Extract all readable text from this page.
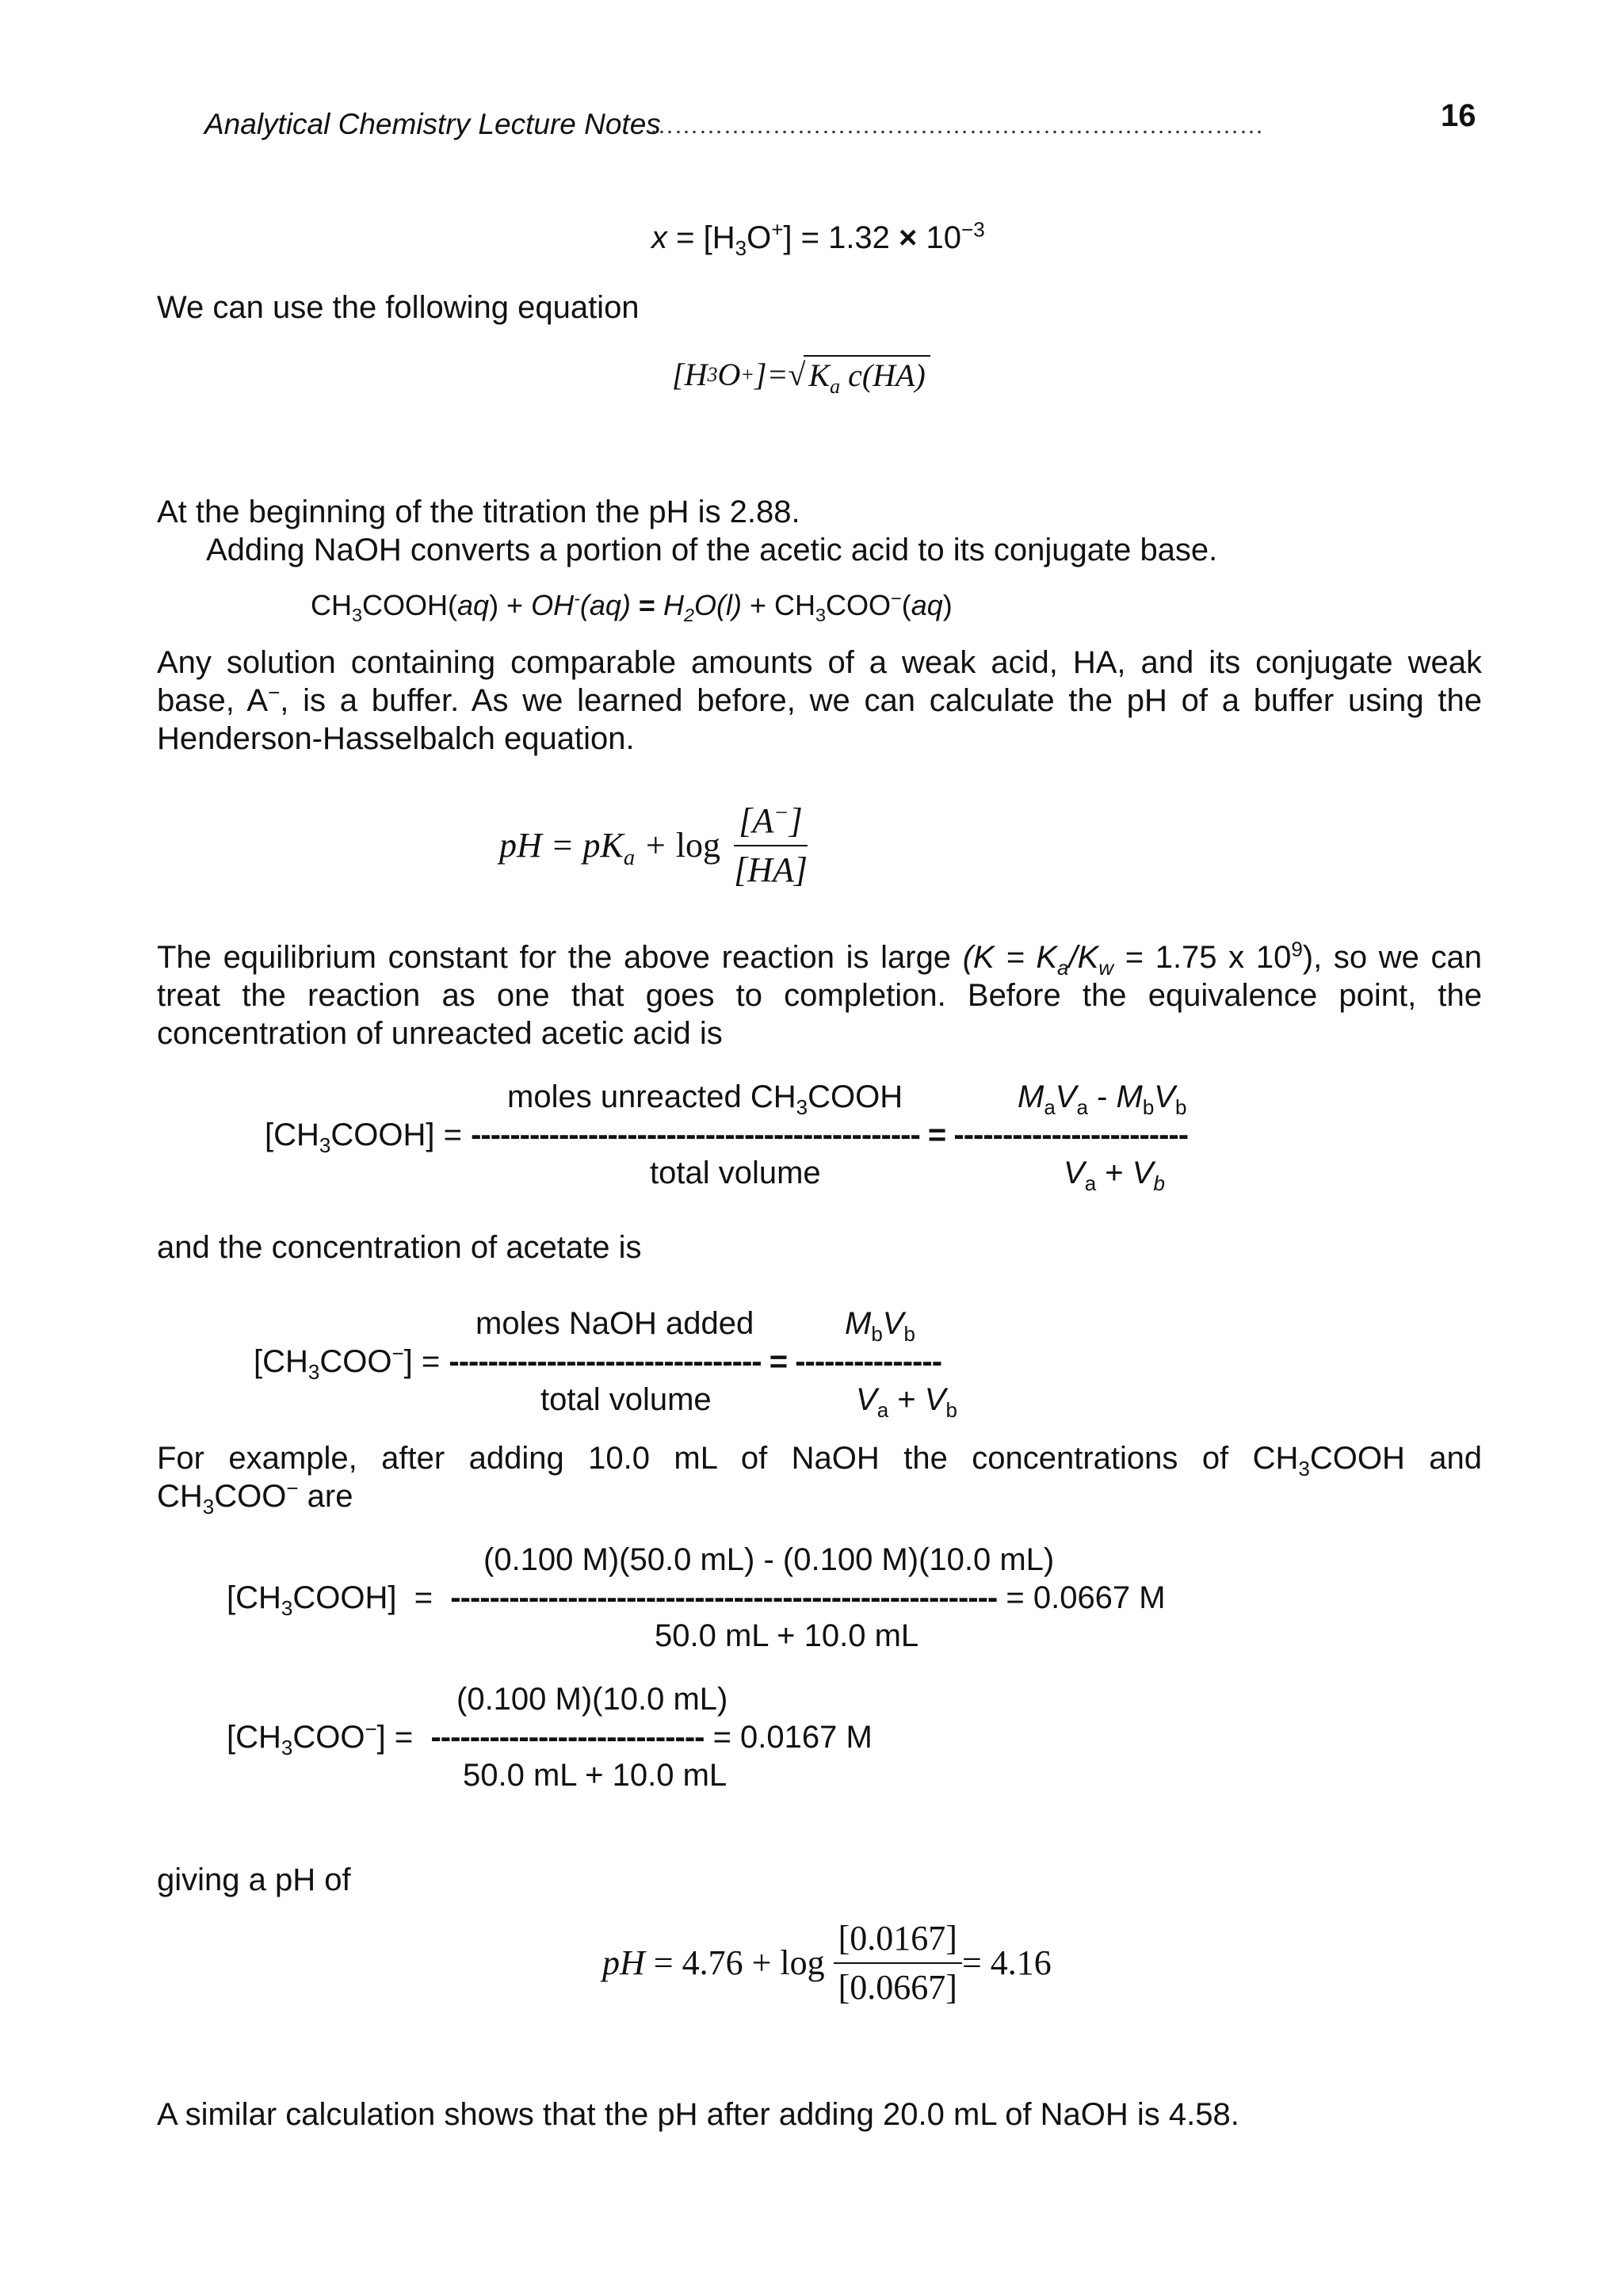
Analytical Chemistry Lecture Notes
…………………………………………………………………	16
$x = [H_3O^+] = 1.32 \times 10^{-3}$
We can use the following equation
[H 3 O + ]=√ $K_a$ c(HA)
At the beginning of the titration the pH is 2.88.
Adding NaOH converts a portion of the acetic acid to its conjugate base.
$CH_3COOH(aq) + OH^-(aq) = H_2O(l) + CH_3COO^-(aq)$
Any solution containing comparable amounts of a weak acid, HA, and its conjugate weak
base, A−, is a buffer. As we learned before, we can calculate the pH of a buffer using the
Henderson-Hasselbalch equation.
pH = $pK_a + \log \frac{[A^-]}{[HA]}$
The equilibrium constant for the above reaction is large ($K = K_a/K_w = 1.75$ x $10^9$), so we can
treat the reaction as one that goes to completion. Before the equivalence point, the
concentration of unreacted acetic acid is
moles unreacted $CH_3COOH$	$M_aV_a - M_bV_b$
$[CH_3COOH]$ = ---------------------------------------------- = ------------------------
total volume	$V_a + V_b$
and the concentration of acetate is
moles NaOH added	$M_bV_b$
$[CH_3COO^-]$ = -------------------------------- = ---------------
total volume	$V_a + V_b$
For example, after adding 10.0 mL of NaOH the concentrations of $CH_3COOH$ and
$CH_3COO^-$ are
(0.100 M)(50.0 mL) - (0.100 M)(10.0 mL)
$[CH_3COOH]$  =  -------------------------------------------------------- = 0.0667 M
50.0 mL + 10.0 mL
(0.100 M)(10.0 mL)
$[CH_3COO^-]$ =  ---------------------------- = 0.0167 M
50.0 mL + 10.0 mL
giving a pH of
pH = $4.76 + \log \frac{[0.0167]}{[0.0667]} = 4.16$
A similar calculation shows that the pH after adding 20.0 mL of NaOH is 4.58.
